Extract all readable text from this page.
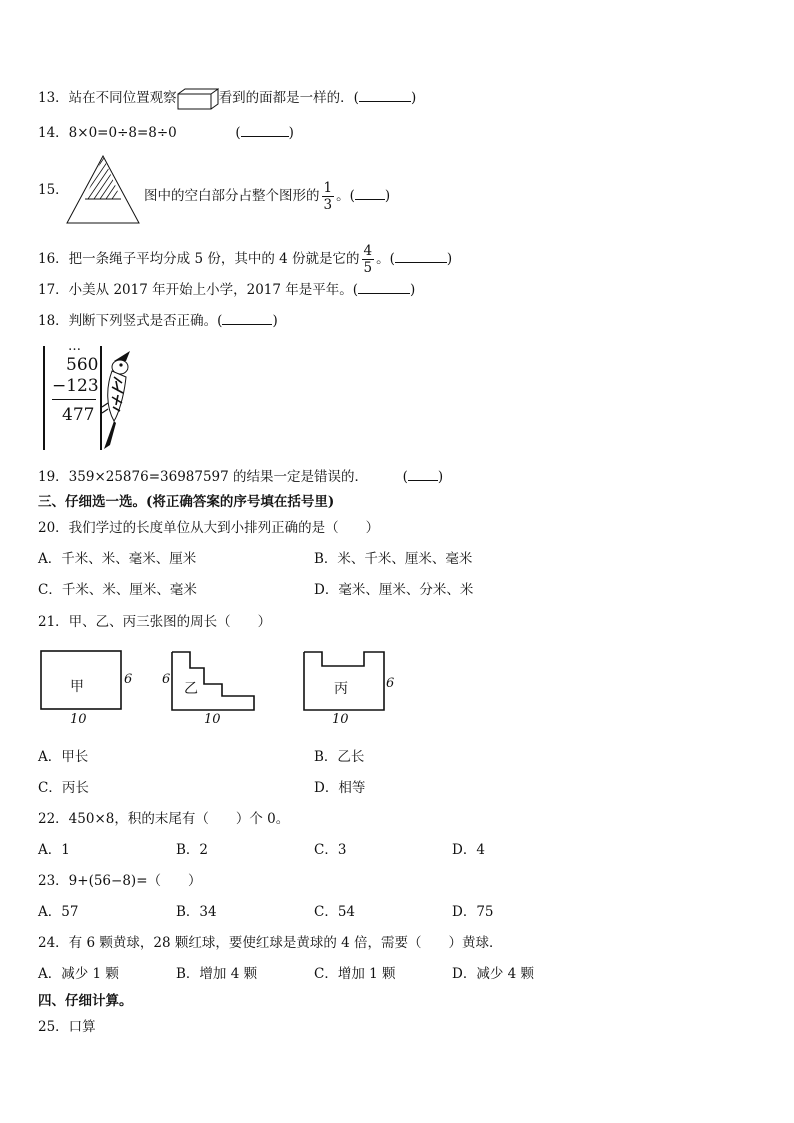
13．站在不同位置观察	看到的面都是一样的．(	)
14．8×0=0÷8=8÷0	(	)
15．	图中的空白部分占整个图形的 $\frac{1}{3}$ 。( )
16．把一条绳子平均分成 5 份，其中的 4 份就是它的 $\frac{4}{5}$ 。(	)
17．小美从 2017 年开始上小学，2017 年是平年。(	)
18．判断下列竖式是否正确。(	)
…
560
−123
477
19．359×25876=36987597 的结果一定是错误的．	( )
三、仔细选一选。(将正确答案的序号填在括号里)
20．我们学过的长度单位从大到小排列正确的是（　　）
A．千米、米、毫米、厘米	B．米、千米、厘米、毫米
C．千米、米、厘米、毫米	D．毫米、厘米、分米、米
21．甲、乙、丙三张图的周长（　　）
甲	6
10
6
乙
10
丙	6
10
A．甲长	B．乙长
C．丙长	D．相等
22．450×8，积的末尾有（　　）个 0。
A．1	B．2	C．3	D．4
23．9+(56−8)=（　　）
A．57	B．34	C．54	D．75
24．有 6 颗黄球，28 颗红球，要使红球是黄球的 4 倍，需要（　　）黄球．
A．减少 1 颗	B．增加 4 颗	C．增加 1 颗	D．减少 4 颗
四、仔细计算。
25．口算
